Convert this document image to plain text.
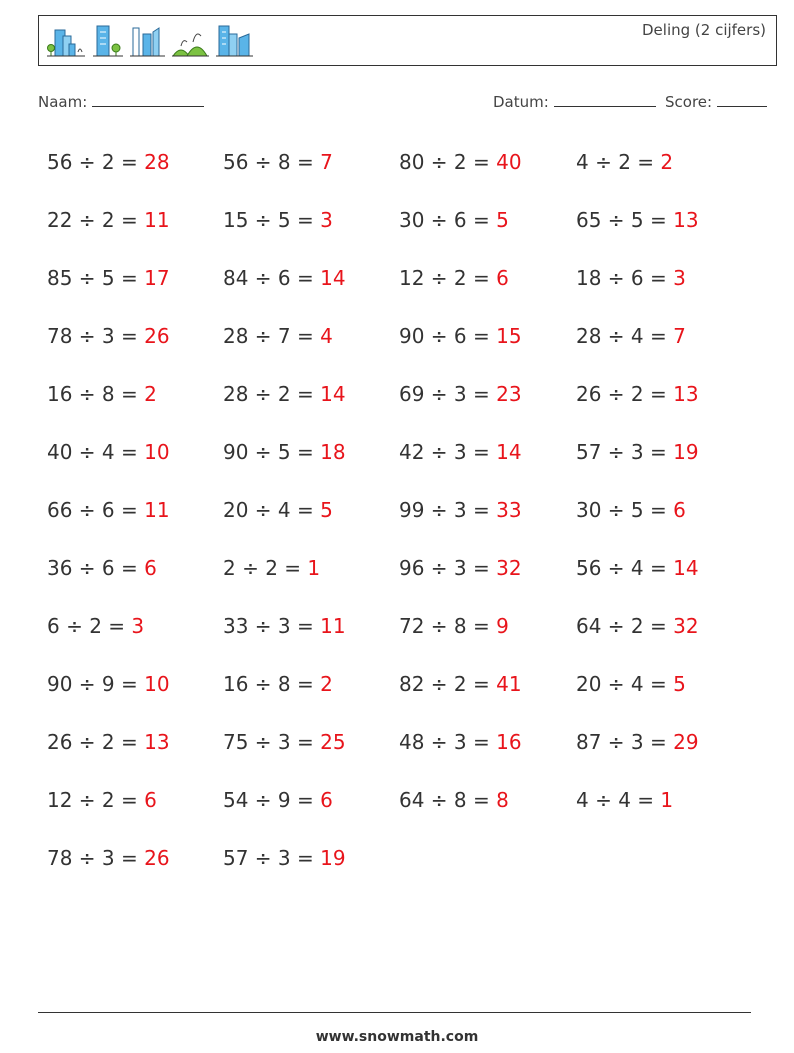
Deling (2 cijfers)
Naam:	Datum:	Score:
56 ÷ 2 = 28	56 ÷ 8 = 7	80 ÷ 2 = 40	4 ÷ 2 = 2
22 ÷ 2 = 11	15 ÷ 5 = 3	30 ÷ 6 = 5	65 ÷ 5 = 13
85 ÷ 5 = 17	84 ÷ 6 = 14	12 ÷ 2 = 6	18 ÷ 6 = 3
78 ÷ 3 = 26	28 ÷ 7 = 4	90 ÷ 6 = 15	28 ÷ 4 = 7
16 ÷ 8 = 2	28 ÷ 2 = 14	69 ÷ 3 = 23	26 ÷ 2 = 13
40 ÷ 4 = 10	90 ÷ 5 = 18	42 ÷ 3 = 14	57 ÷ 3 = 19
66 ÷ 6 = 11	20 ÷ 4 = 5	99 ÷ 3 = 33	30 ÷ 5 = 6
36 ÷ 6 = 6	2 ÷ 2 = 1	96 ÷ 3 = 32	56 ÷ 4 = 14
6 ÷ 2 = 3	33 ÷ 3 = 11	72 ÷ 8 = 9	64 ÷ 2 = 32
90 ÷ 9 = 10	16 ÷ 8 = 2	82 ÷ 2 = 41	20 ÷ 4 = 5
26 ÷ 2 = 13	75 ÷ 3 = 25	48 ÷ 3 = 16	87 ÷ 3 = 29
12 ÷ 2 = 6	54 ÷ 9 = 6	64 ÷ 8 = 8	4 ÷ 4 = 1
78 ÷ 3 = 26	57 ÷ 3 = 19
www.snowmath.com
